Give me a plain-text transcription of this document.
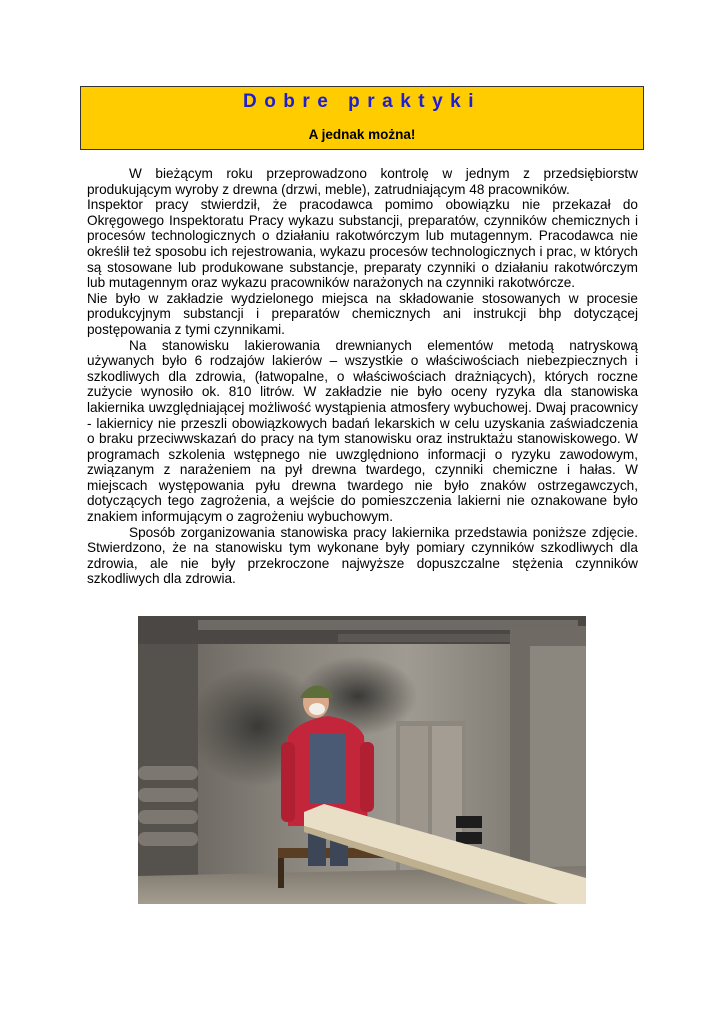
Dobre praktyki
A jednak można!

W bieżącym roku przeprowadzono kontrolę w jednym z przedsiębiorstw produkującym wyroby z drewna (drzwi, meble), zatrudniającym 48 pracowników.

Inspektor pracy stwierdził, że pracodawca pomimo obowiązku nie przekazał do Okręgowego Inspektoratu Pracy wykazu substancji, preparatów, czynników chemicznych i procesów technologicznych o działaniu rakotwórczym lub mutagennym. Pracodawca nie określił też sposobu ich rejestrowania, wykazu procesów technologicznych i prac, w których są stosowane lub produkowane substancje, preparaty czynniki o działaniu rakotwórczym lub mutagennym oraz wykazu pracowników narażonych na czynniki rakotwórcze.

Nie było w zakładzie wydzielonego miejsca na składowanie stosowanych w procesie produkcyjnym substancji i preparatów chemicznych ani instrukcji bhp dotyczącej postępowania z tymi czynnikami.

Na stanowisku lakierowania drewnianych elementów metodą natryskową używanych było 6 rodzajów lakierów – wszystkie o właściwościach niebezpiecznych i szkodliwych dla zdrowia, (łatwopalne, o właściwościach drażniących), których roczne zużycie wynosiło ok. 810 litrów. W zakładzie nie było oceny ryzyka dla stanowiska lakiernika uwzględniającej możliwość wystąpienia atmosfery wybuchowej. Dwaj pracownicy - lakiernicy nie przeszli obowiązkowych badań lekarskich w celu uzyskania zaświadczenia o braku przeciwwskazań do pracy na tym stanowisku oraz instruktażu stanowiskowego. W programach szkolenia wstępnego nie uwzględniono informacji o ryzyku zawodowym, związanym z narażeniem na pył drewna twardego, czynniki chemiczne i hałas. W miejscach występowania pyłu drewna twardego nie było znaków ostrzegawczych, dotyczących tego zagrożenia, a wejście do pomieszczenia lakierni nie oznakowane było znakiem informującym o zagrożeniu wybuchowym.

Sposób zorganizowania stanowiska pracy lakiernika przedstawia poniższe zdjęcie. Stwierdzono, że na stanowisku tym wykonane były pomiary czynników szkodliwych dla zdrowia, ale nie były przekroczone najwyższe dopuszczalne stężenia czynników szkodliwych dla zdrowia.
